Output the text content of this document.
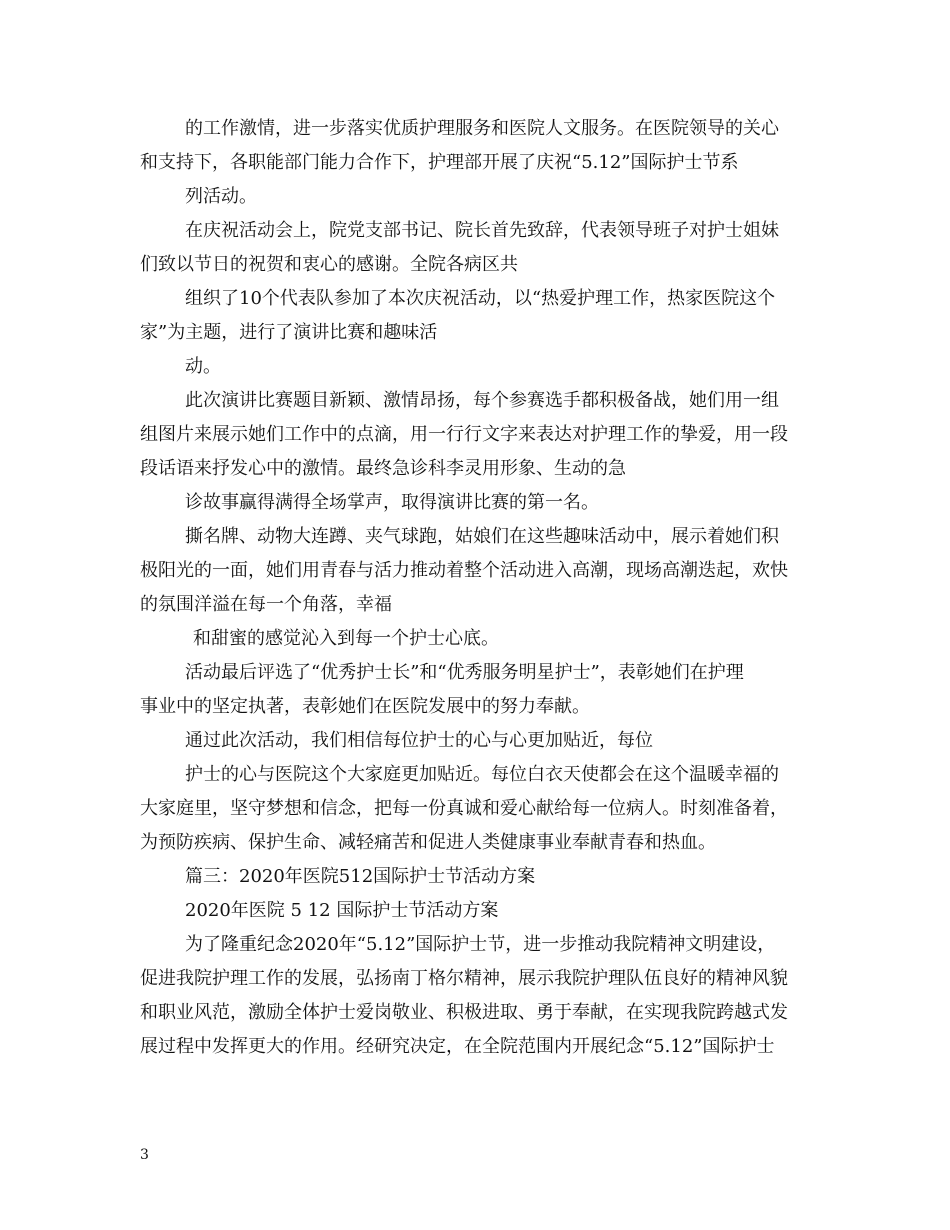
的工作激情，进一步落实优质护理服务和医院人文服务。在医院领导的关心
和支持下，各职能部门能力合作下，护理部开展了庆祝“5.12”国际护士节系
列活动。
在庆祝活动会上，院党支部书记、院长首先致辞，代表领导班子对护士姐妹
们致以节日的祝贺和衷心的感谢。全院各病区共
组织了10个代表队参加了本次庆祝活动，以“热爱护理工作，热家医院这个
家”为主题，进行了演讲比赛和趣味活
动。
此次演讲比赛题目新颖、激情昂扬，每个参赛选手都积极备战，她们用一组
组图片来展示她们工作中的点滴，用一行行文字来表达对护理工作的挚爱，用一段
段话语来抒发心中的激情。最终急诊科李灵用形象、生动的急
诊故事赢得满得全场掌声，取得演讲比赛的第一名。
撕名牌、动物大连蹲、夹气球跑，姑娘们在这些趣味活动中，展示着她们积
极阳光的一面，她们用青春与活力推动着整个活动进入高潮，现场高潮迭起，欢快
的氛围洋溢在每一个角落，幸福
和甜蜜的感觉沁入到每一个护士心底。
活动最后评选了“优秀护士长”和“优秀服务明星护士”，表彰她们在护理
事业中的坚定执著，表彰她们在医院发展中的努力奉献。
通过此次活动，我们相信每位护士的心与心更加贴近，每位
护士的心与医院这个大家庭更加贴近。每位白衣天使都会在这个温暖幸福的
大家庭里，坚守梦想和信念，把每一份真诚和爱心献给每一位病人。时刻准备着，
为预防疾病、保护生命、减轻痛苦和促进人类健康事业奉献青春和热血。
篇三：2020年医院512国际护士节活动方案
2020年医院 5 12 国际护士节活动方案
为了隆重纪念2020年“5.12”国际护士节，进一步推动我院精神文明建设，
促进我院护理工作的发展，弘扬南丁格尔精神，展示我院护理队伍良好的精神风貌
和职业风范，激励全体护士爱岗敬业、积极进取、勇于奉献，在实现我院跨越式发
展过程中发挥更大的作用。经研究决定，在全院范围内开展纪念“5.12”国际护士
3
